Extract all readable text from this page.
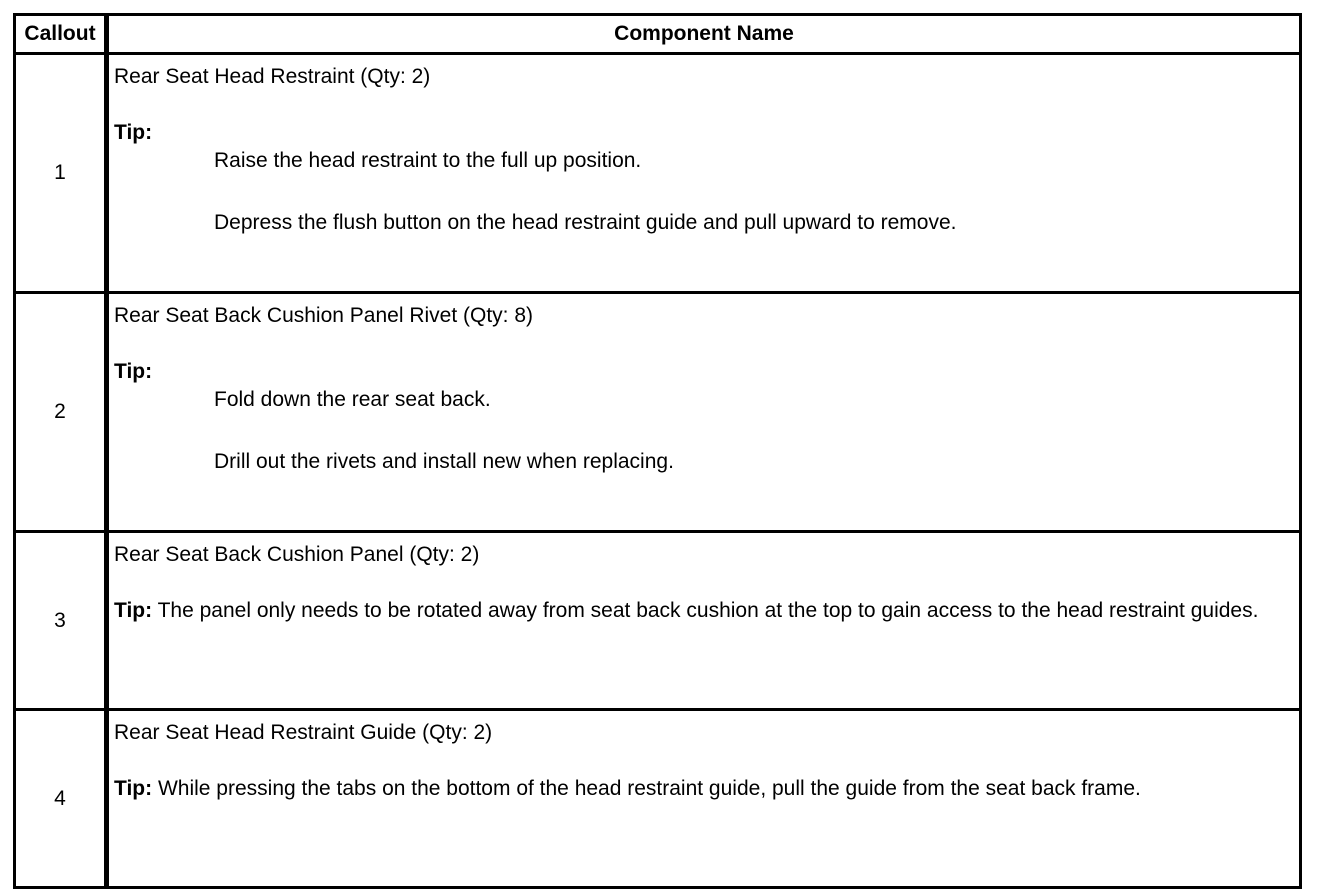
Callout	Component Name
1	Rear Seat Head Restraint (Qty: 2)
Tip:
Raise the head restraint to the full up position.
Depress the flush button on the head restraint guide and pull upward to remove.

2	Rear Seat Back Cushion Panel Rivet (Qty: 8)
Tip:
Fold down the rear seat back.
Drill out the rivets and install new when replacing.

3	Rear Seat Back Cushion Panel (Qty: 2)
Tip: The panel only needs to be rotated away from seat back cushion at the top to gain access to the head restraint guides.

4	Rear Seat Head Restraint Guide (Qty: 2)
Tip: While pressing the tabs on the bottom of the head restraint guide, pull the guide from the seat back frame.
